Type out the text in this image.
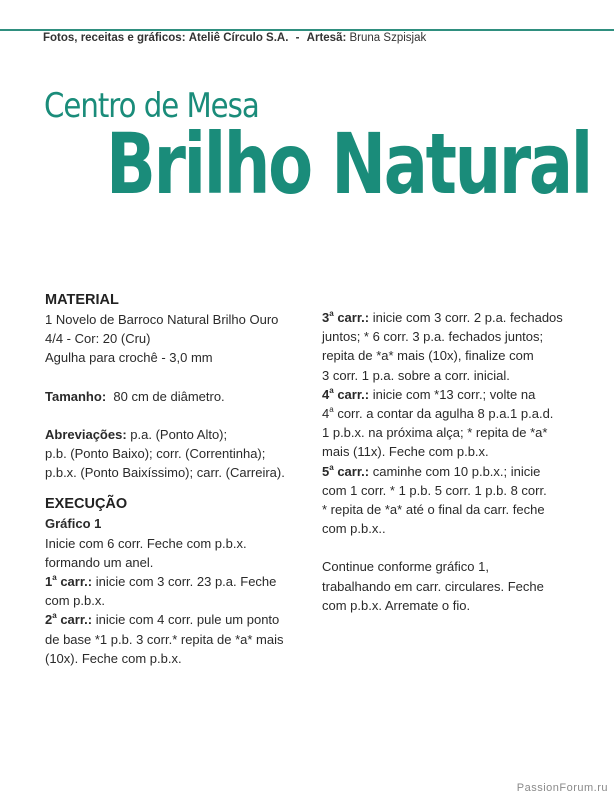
Fotos, receitas e gráficos: Ateliê Círculo S.A. - Artesã: Bruna Szpisjak
Centro de Mesa
Brilho Natural

MATERIAL

1 Novelo de Barroco Natural Brilho Ouro

4/4 - Cor: 20 (Cru)

Agulha para crochê - 3,0 mm

Tamanho: 80 cm de diâmetro.

Abreviações: p.a. (Ponto Alto);

p.b. (Ponto Baixo); corr. (Correntinha);

p.b.x. (Ponto Baixíssimo); carr. (Carreira).

EXECUÇÃO

Gráfico 1

Inicie com 6 corr. Feche com p.b.x.

formando um anel.

1$^a$ carr.: inicie com 3 corr. 23 p.a. Feche

com p.b.x.

2$^a$ carr.: inicie com 4 corr. pule um ponto

de base *1 p.b. 3 corr.* repita de *a* mais

(10x). Feche com p.b.x.

3$^a$ carr.: inicie com 3 corr. 2 p.a. fechados

juntos; * 6 corr. 3 p.a. fechados juntos;

repita de *a* mais (10x), finalize com

3 corr. 1 p.a. sobre a corr. inicial.

4$^a$ carr.: inicie com *13 corr.; volte na

4$^a$ corr. a contar da agulha 8 p.a.1 p.a.d.

1 p.b.x. na próxima alça; * repita de *a*

mais (11x). Feche com p.b.x.

5$^a$ carr.: caminhe com 10 p.b.x.; inicie

com 1 corr. * 1 p.b. 5 corr. 1 p.b. 8 corr.

* repita de *a* até o final da carr. feche

com p.b.x..

Continue conforme gráfico 1,

trabalhando em carr. circulares. Feche

com p.b.x. Arremate o fio.

PassionForum.ru
